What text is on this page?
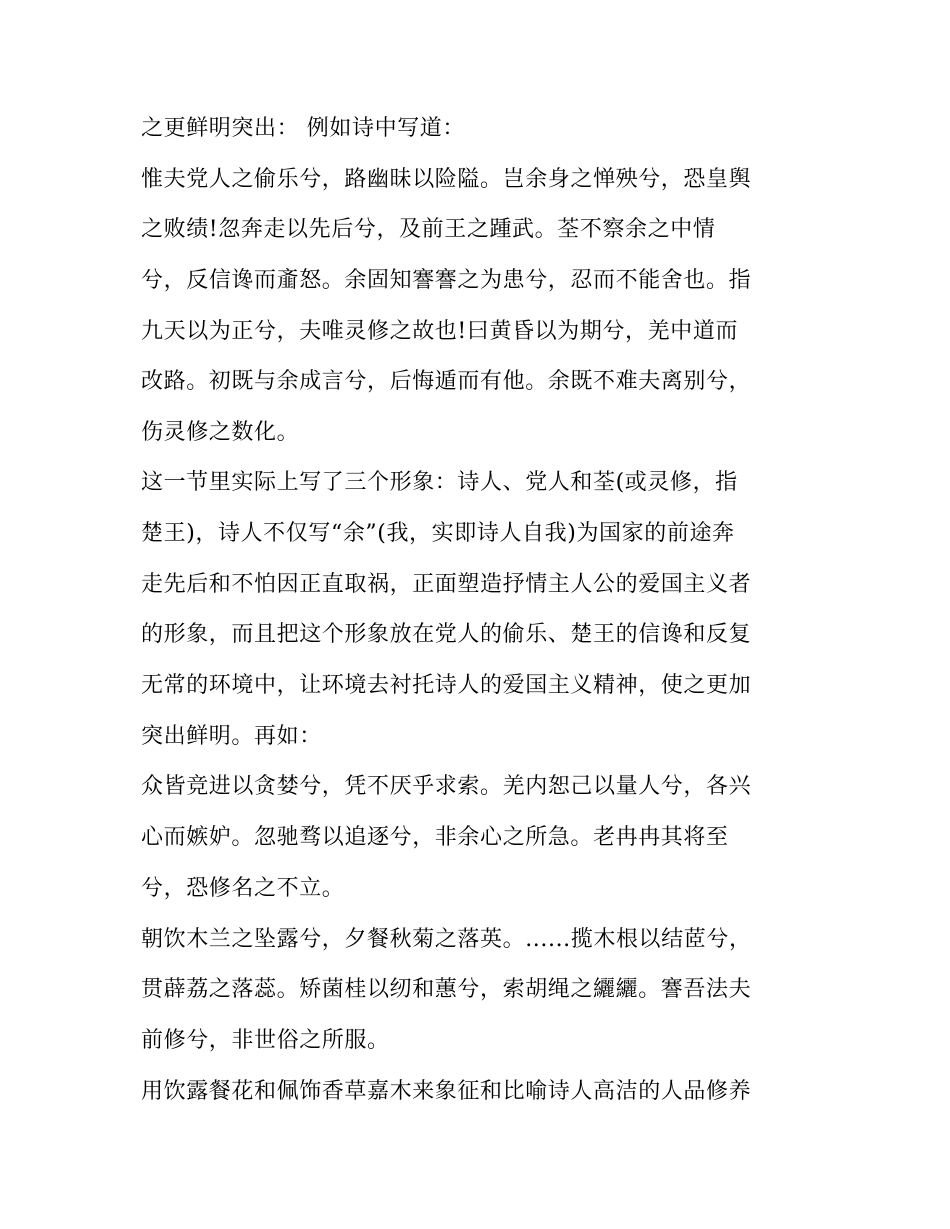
之更鲜明突出： 例如诗中写道：
惟夫党人之偷乐兮，路幽昧以险隘。岂余身之惮殃兮，恐皇舆
之败绩!忽奔走以先后兮，及前王之踵武。荃不察余之中情
兮，反信谗而齑怒。余固知謇謇之为患兮，忍而不能舍也。指
九天以为正兮，夫唯灵修之故也!曰黄昏以为期兮，羌中道而
改路。初既与余成言兮，后悔遁而有他。余既不难夫离别兮，
伤灵修之数化。
这一节里实际上写了三个形象：诗人、党人和荃(或灵修，指
楚王)，诗人不仅写“余”(我，实即诗人自我)为国家的前途奔
走先后和不怕因正直取祸，正面塑造抒情主人公的爱国主义者
的形象，而且把这个形象放在党人的偷乐、楚王的信谗和反复
无常的环境中，让环境去衬托诗人的爱国主义精神，使之更加
突出鲜明。再如：
众皆竞进以贪婪兮，凭不厌乎求索。羌内恕己以量人兮，各兴
心而嫉妒。忽驰骛以追逐兮，非余心之所急。老冉冉其将至
兮，恐修名之不立。
朝饮木兰之坠露兮，夕餐秋菊之落英。......揽木根以结茝兮，
贯薜荔之落蕊。矫菌桂以纫和蕙兮，索胡绳之纚纚。謇吾法夫
前修兮，非世俗之所服。
用饮露餐花和佩饰香草嘉木来象征和比喻诗人高洁的人品修养
